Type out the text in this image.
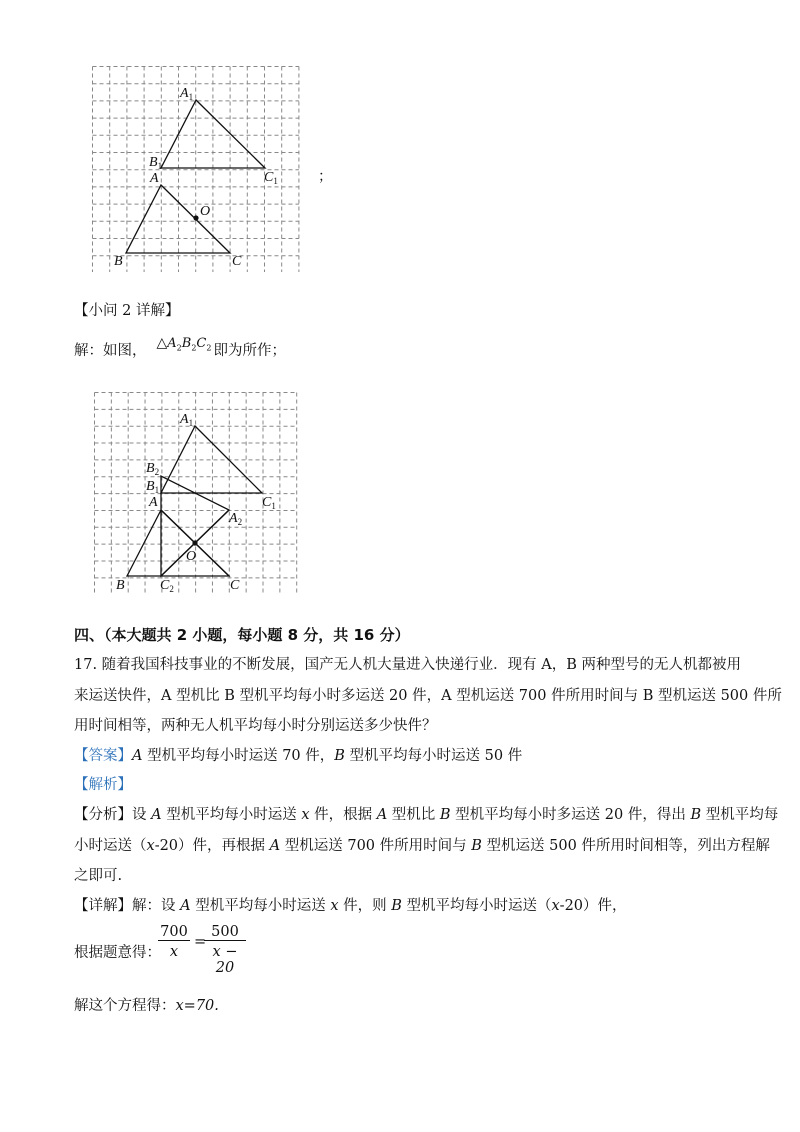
$A_1$
$B_1$
$C_1$
A
O
B	C
；
【小问 2 详解】
解：如图， $\triangle A_2B_2C_2$ 即为所作；
$A_1$
$B_2$
$B_1$
$C_1$
A
$A_2$
O
B	$C_2$	C
四、（本大题共 2 小题，每小题 8 分，共 16 分）
17. 随着我国科技事业的不断发展，国产无人机大量进入快递行业．现有 A，B 两种型号的无人机都被用
来运送快件，A 型机比 B 型机平均每小时多运送 20 件，A 型机运送 700 件所用时间与 B 型机运送 500 件所
用时间相等，两种无人机平均每小时分别运送多少快件？
【答案】A 型机平均每小时运送 70 件，B 型机平均每小时运送 50 件
【解析】
【分析】设 A 型机平均每小时运送 x 件，根据 A 型机比 B 型机平均每小时多运送 20 件，得出 B 型机平均每
小时运送（x-20）件，再根据 A 型机运送 700 件所用时间与 B 型机运送 500 件所用时间相等，列出方程解
之即可.
【详解】解：设 A 型机平均每小时运送 x 件，则 B 型机平均每小时运送（x-20）件，
根据题意得：
$\frac{700}{x}$ =
$\frac{500}{x - 20}$
解这个方程得：x=70.
